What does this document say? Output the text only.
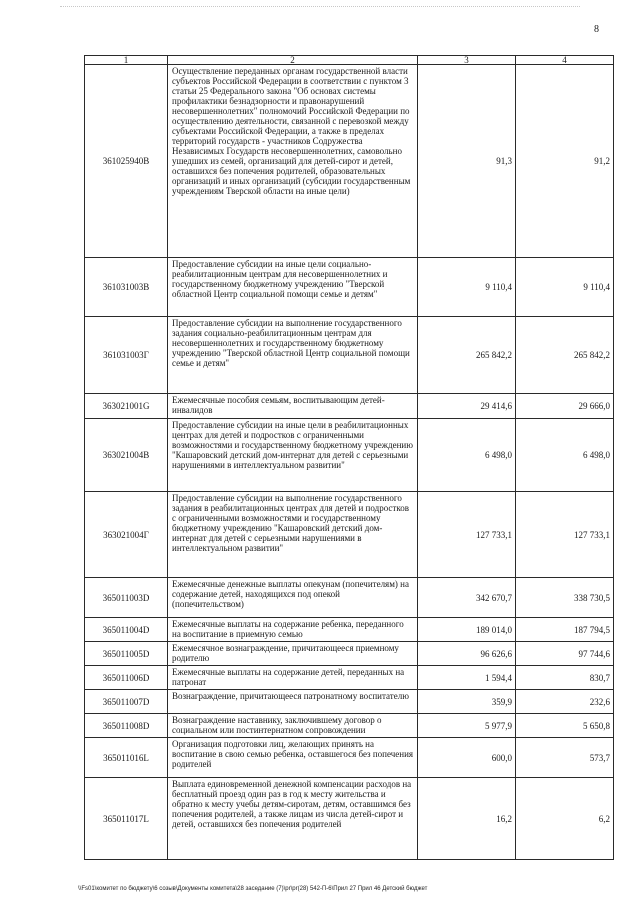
8
1	2	3	4
361025940В	Осуществление переданных органам государственной власти субъектов Российской Федерации в соответствии с пунктом 3 статьи 25 Федерального закона "Об основах системы профилактики безнадзорности и правонарушений несовершеннолетних" полномочий Российской Федерации по осуществлению деятельности, связанной с перевозкой между субъектами Российской Федерации, а также в пределах территорий государств - участников Содружества Независимых Государств несовершеннолетних, самовольно ушедших из семей, организаций для детей-сирот и детей, оставшихся без попечения родителей, образовательных организаций и иных организаций (субсидии государственным учреждениям Тверской области на иные цели)	91,3	91,2
361031003В	Предоставление субсидии на иные цели социально-реабилитационным центрам для несовершеннолетних и государственному бюджетному учреждению "Тверской областной Центр социальной помощи семье и детям"	9 110,4	9 110,4
361031003Г	Предоставление субсидии на выполнение государственного задания социально-реабилитационным центрам для несовершеннолетних и государственному бюджетному учреждению "Тверской областной Центр социальной помощи семье и детям"	265 842,2	265 842,2
363021001G	Ежемесячные пособия семьям, воспитывающим детей-инвалидов	29 414,6	29 666,0
363021004В	Предоставление субсидии на иные цели в реабилитационных центрах для детей и подростков с ограниченными возможностями и государственному бюджетному учреждению "Кашаровский детский дом-интернат для детей с серьезными нарушениями в интеллектуальном развитии"	6 498,0	6 498,0
363021004Г	Предоставление субсидии на выполнение государственного задания в реабилитационных центрах для детей и подростков с ограниченными возможностями и государственному бюджетному учреждению "Кашаровский детский дом-интернат для детей с серьезными нарушениями в интеллектуальном развитии"	127 733,1	127 733,1
365011003D	Ежемесячные денежные выплаты опекунам (попечителям) на содержание детей, находящихся под опекой (попечительством)	342 670,7	338 730,5
365011004D	Ежемесячные выплаты на содержание ребенка, переданного на воспитание в приемную семью	189 014,0	187 794,5
365011005D	Ежемесячное вознаграждение, причитающееся приемному родителю	96 626,6	97 744,6
365011006D	Ежемесячные выплаты на содержание детей, переданных на патронат	1 594,4	830,7
365011007D	Вознаграждение, причитающееся патронатному воспитателю	359,9	232,6
365011008D	Вознаграждение наставнику, заключившему договор о социальном или постинтернатном сопровождении	5 977,9	5 650,8
365011016L	Организация подготовки лиц, желающих принять на воспитание в свою семью ребенка, оставшегося без попечения родителей	600,0	573,7
365011017L	Выплата единовременной денежной компенсации расходов на бесплатный проезд один раз в год к месту жительства и обратно к месту учебы детям-сиротам, детям, оставшимся без попечения родителей, а также лицам из числа детей-сирот и детей, оставшихся без попечения родителей	16,2	6,2
\\Fs01\комитет по бюджету\6 созыв\Документы комитета\28 заседание (7)\pr\pr(28) 542-П-6\Прил 27 Прил 46 Детский бюджет
